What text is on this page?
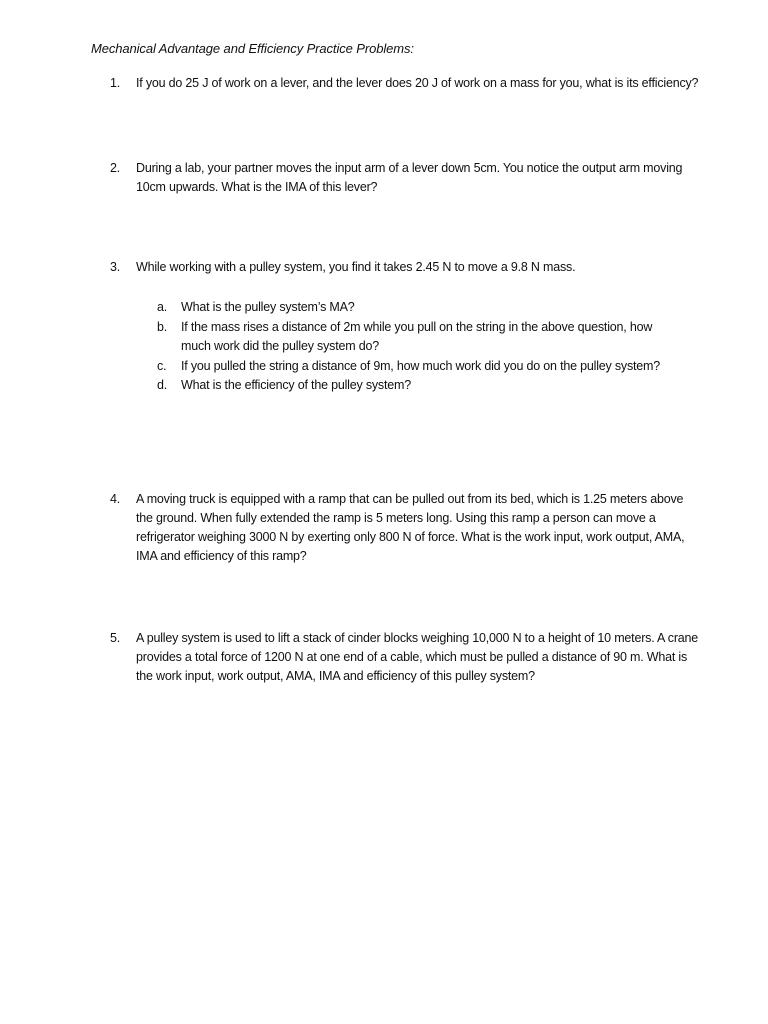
Mechanical Advantage and Efficiency Practice Problems:
1. If you do 25 J of work on a lever, and the lever does 20 J of work on a mass for you, what is its efficiency?
2. During a lab, your partner moves the input arm of a lever down 5cm. You notice the output arm moving 10cm upwards. What is the IMA of this lever?
3. While working with a pulley system, you find it takes 2.45 N to move a 9.8 N mass.
a. What is the pulley system’s MA?
b. If the mass rises a distance of 2m while you pull on the string in the above question, how much work did the pulley system do?
c. If you pulled the string a distance of 9m, how much work did you do on the pulley system?
d. What is the efficiency of the pulley system?
4. A moving truck is equipped with a ramp that can be pulled out from its bed, which is 1.25 meters above the ground. When fully extended the ramp is 5 meters long. Using this ramp a person can move a refrigerator weighing 3000 N by exerting only 800 N of force. What is the work input, work output, AMA, IMA and efficiency of this ramp?
5. A pulley system is used to lift a stack of cinder blocks weighing 10,000 N to a height of 10 meters. A crane provides a total force of 1200 N at one end of a cable, which must be pulled a distance of 90 m. What is the work input, work output, AMA, IMA and efficiency of this pulley system?
